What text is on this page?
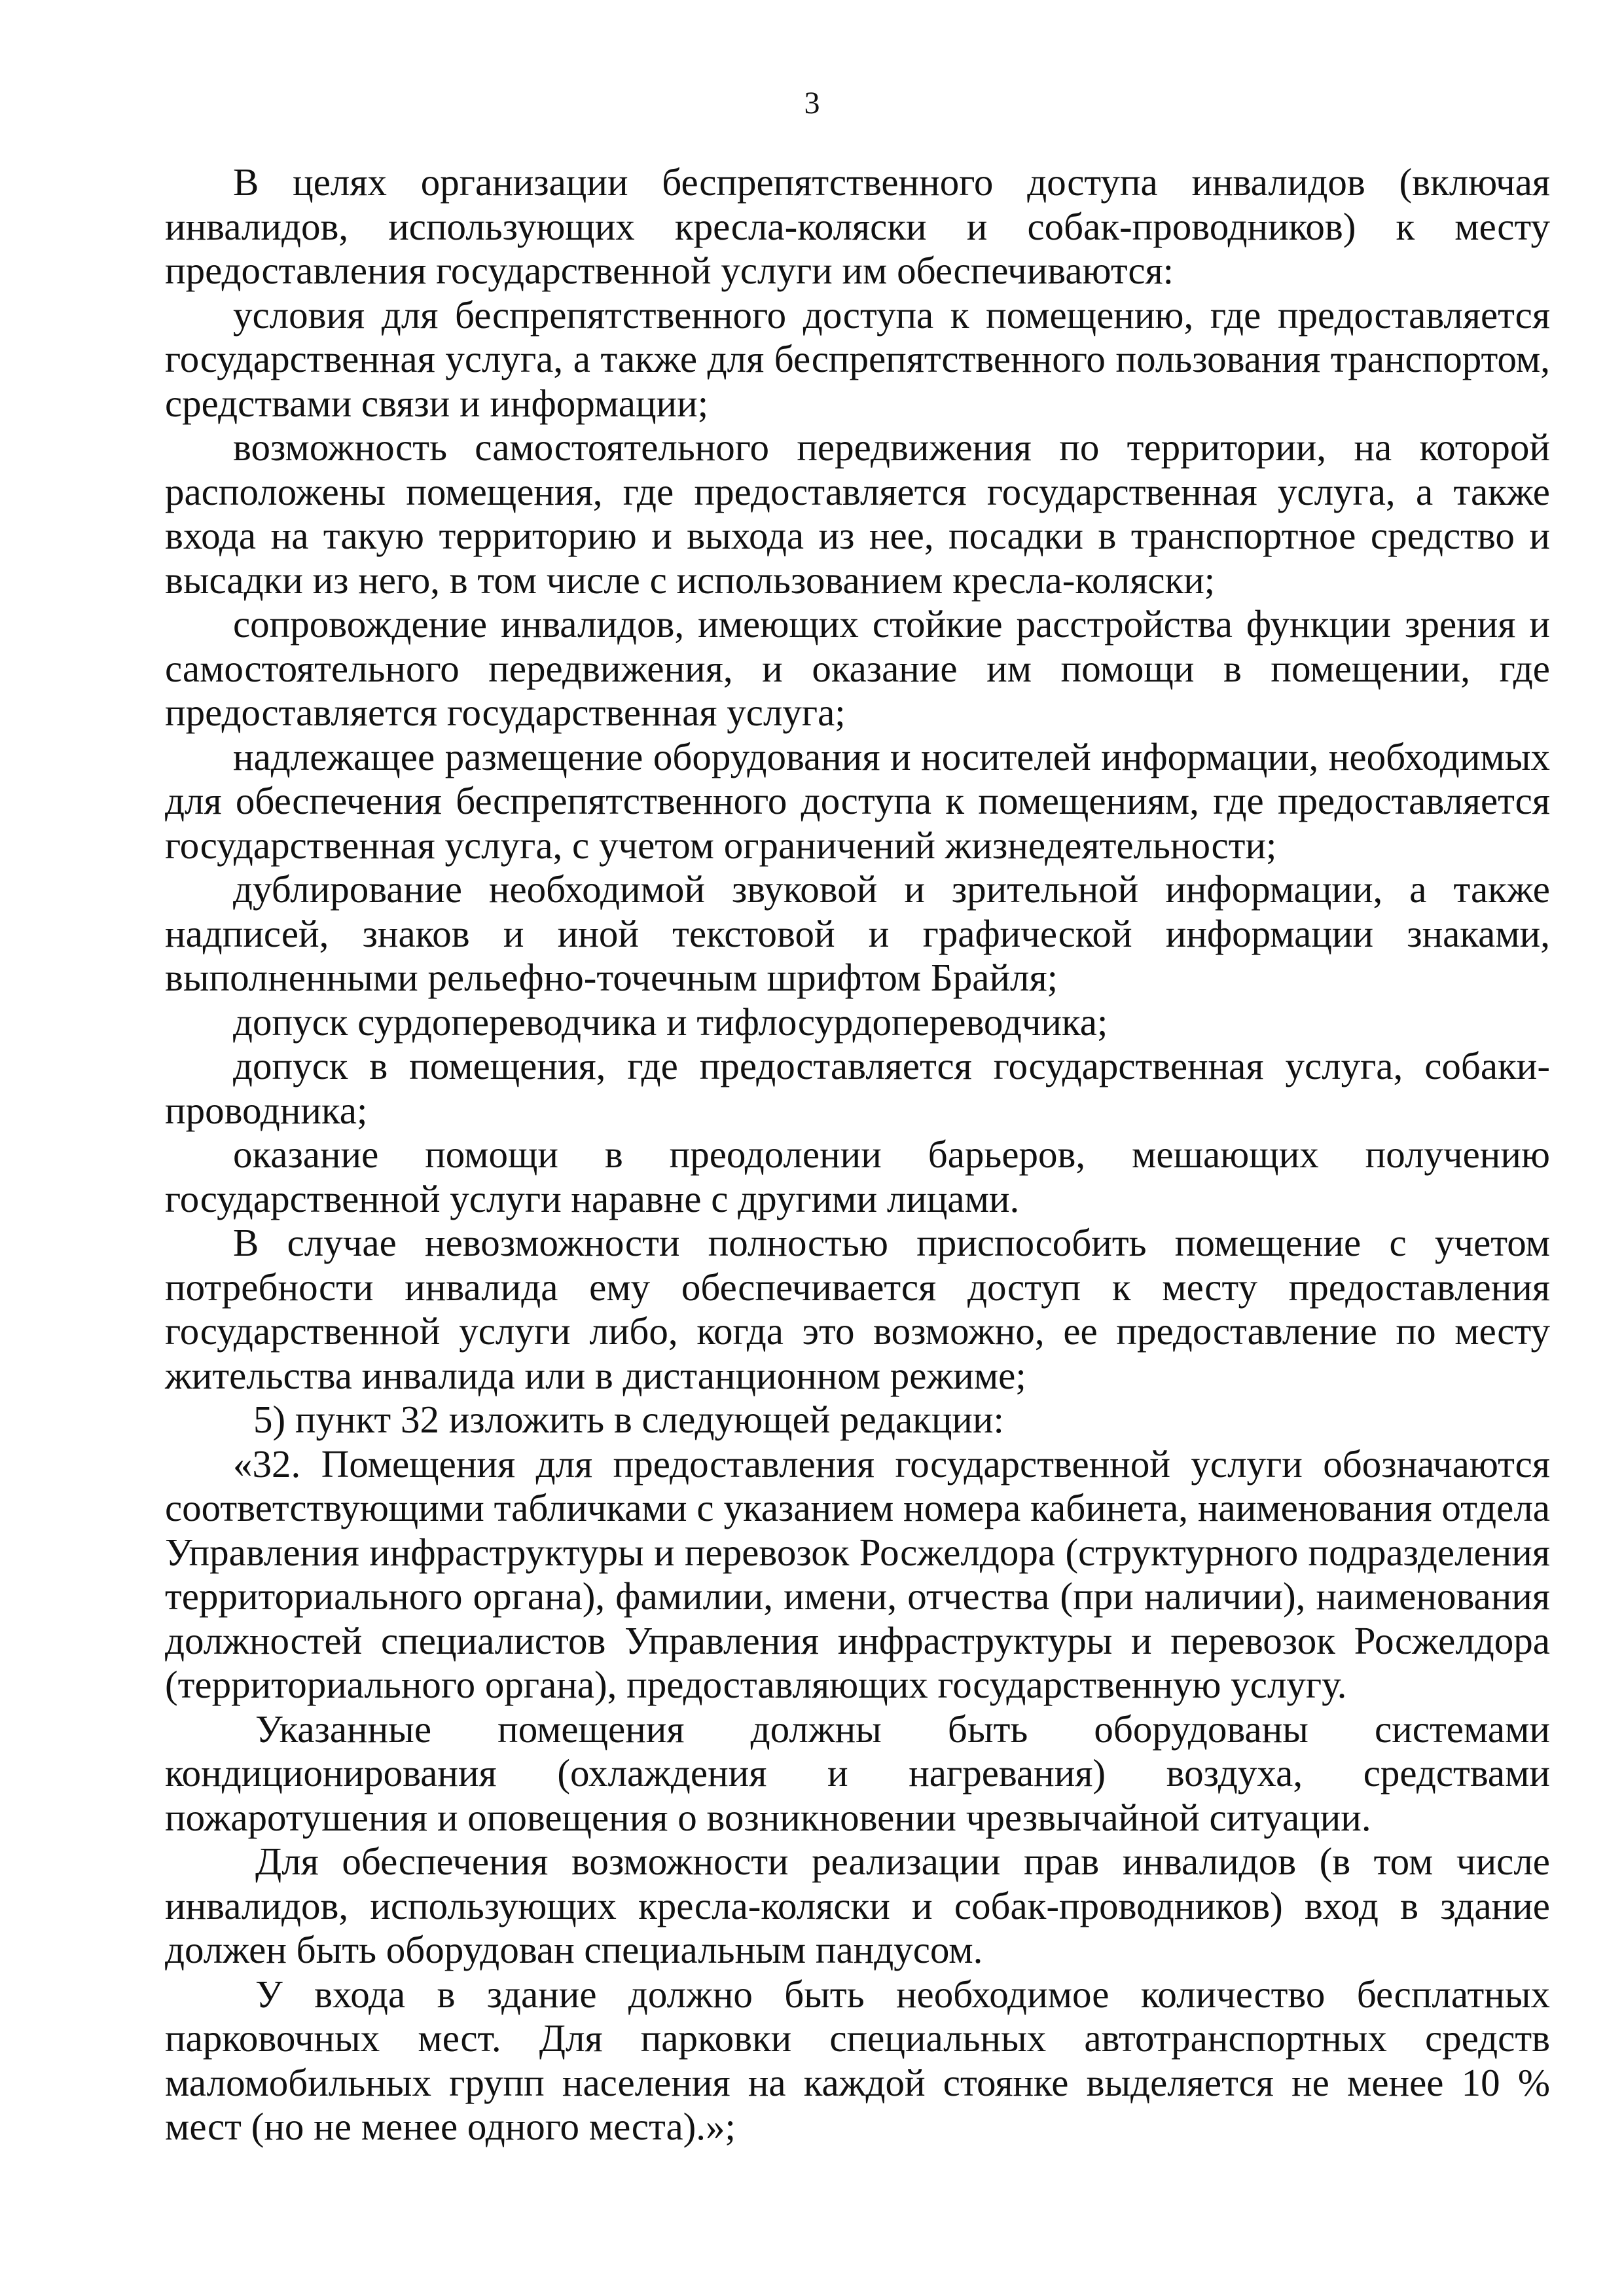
3

В целях организации беспрепятственного доступа инвалидов (включая инвалидов, использующих кресла-коляски и собак-проводников) к месту предоставления государственной услуги им обеспечиваются:

условия для беспрепятственного доступа к помещению, где предоставляется государственная услуга, а также для беспрепятственного пользования транспортом, средствами связи и информации;

возможность самостоятельного передвижения по территории, на которой расположены помещения, где предоставляется государственная услуга, а также входа на такую территорию и выхода из нее, посадки в транспортное средство и высадки из него, в том числе с использованием кресла-коляски;

сопровождение инвалидов, имеющих стойкие расстройства функции зрения и самостоятельного передвижения, и оказание им помощи в помещении, где предоставляется государственная услуга;

надлежащее размещение оборудования и носителей информации, необходимых для обеспечения беспрепятственного доступа к помещениям, где предоставляется государственная услуга, с учетом ограничений жизнедеятельности;

дублирование необходимой звуковой и зрительной информации, а также надписей, знаков и иной текстовой и графической информации знаками, выполненными рельефно-точечным шрифтом Брайля;

допуск сурдопереводчика и тифлосурдопереводчика;

допуск в помещения, где предоставляется государственная услуга, собаки-проводника;

оказание помощи в преодолении барьеров, мешающих получению государственной услуги наравне с другими лицами.

В случае невозможности полностью приспособить помещение с учетом потребности инвалида ему обеспечивается доступ к месту предоставления государственной услуги либо, когда это возможно, ее предоставление по месту жительства инвалида или в дистанционном режиме;

5) пункт 32 изложить в следующей редакции:

«32. Помещения для предоставления государственной услуги обозначаются соответствующими табличками с указанием номера кабинета, наименования отдела Управления инфраструктуры и перевозок Росжелдора (структурного подразделения территориального органа), фамилии, имени, отчества (при наличии), наименования должностей специалистов Управления инфраструктуры и перевозок Росжелдора (территориального органа), предоставляющих государственную услугу.

Указанные помещения должны быть оборудованы системами кондиционирования (охлаждения и нагревания) воздуха, средствами пожаротушения и оповещения о возникновении чрезвычайной ситуации.

Для обеспечения возможности реализации прав инвалидов (в том числе инвалидов, использующих кресла-коляски и собак-проводников) вход в здание должен быть оборудован специальным пандусом.

У входа в здание должно быть необходимое количество бесплатных парковочных мест. Для парковки специальных автотранспортных средств маломобильных групп населения на каждой стоянке выделяется не менее 10 % мест (но не менее одного места).»;
